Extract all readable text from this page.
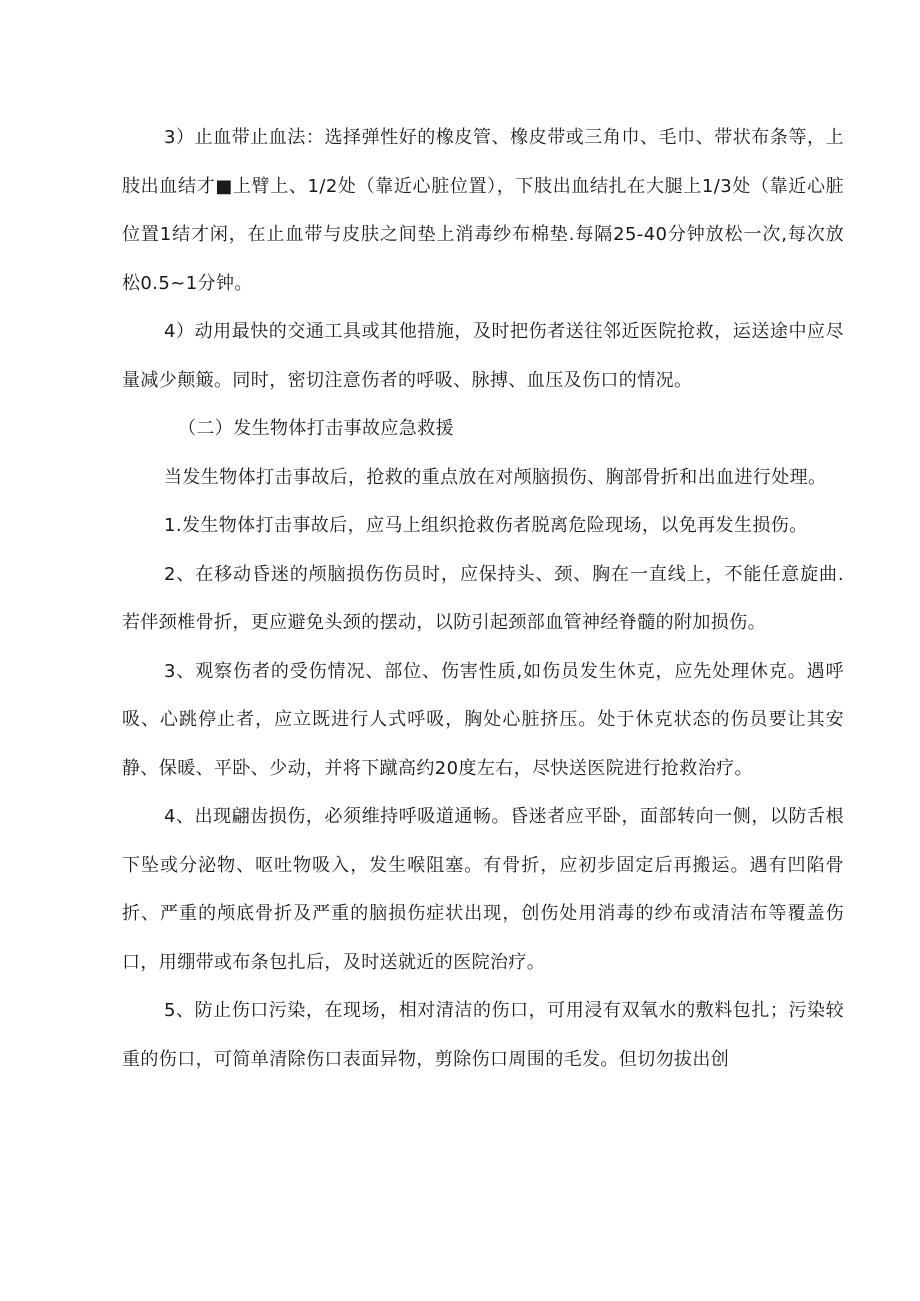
3）止血带止血法：选择弹性好的橡皮管、橡皮带或三角巾、毛巾、带状布条等，上肢出血结才■上臂上、1/2处（靠近心脏位置），下肢出血结扎在大腿上1/3处（靠近心脏位置1结才闲，在止血带与皮肤之间垫上消毒纱布棉垫.每隔25-40分钟放松一次,每次放松0.5~1分钟。

4）动用最快的交通工具或其他措施，及时把伤者送往邻近医院抢救，运送途中应尽量减少颠簸。同时，密切注意伤者的呼吸、脉搏、血压及伤口的情况。

（二）发生物体打击事故应急救援

当发生物体打击事故后，抢救的重点放在对颅脑损伤、胸部骨折和出血进行处理。

1.发生物体打击事故后，应马上组织抢救伤者脱离危险现场，以免再发生损伤。

2、在移动昏迷的颅脑损伤伤员时，应保持头、颈、胸在一直线上，不能任意旋曲.若伴颈椎骨折，更应避免头颈的摆动，以防引起颈部血管神经脊髓的附加损伤。

3、观察伤者的受伤情况、部位、伤害性质,如伤员发生休克，应先处理休克。遇呼吸、心跳停止者，应立既进行人式呼吸，胸处心脏挤压。处于休克状态的伤员要让其安静、保暖、平卧、少动，并将下蹴高约20度左右，尽快送医院进行抢救治疗。

4、出现翩齿损伤，必须维持呼吸道通畅。昏迷者应平卧，面部转向一侧，以防舌根下坠或分泌物、呕吐物吸入，发生喉阻塞。有骨折，应初步固定后再搬运。遇有凹陷骨折、严重的颅底骨折及严重的脑损伤症状出现，创伤处用消毒的纱布或清洁布等覆盖伤口，用绷带或布条包扎后，及时送就近的医院治疗。

5、防止伤口污染，在现场，相对清洁的伤口，可用浸有双氧水的敷料包扎；污染较重的伤口，可简单清除伤口表面异物，剪除伤口周围的毛发。但切勿拔出创
